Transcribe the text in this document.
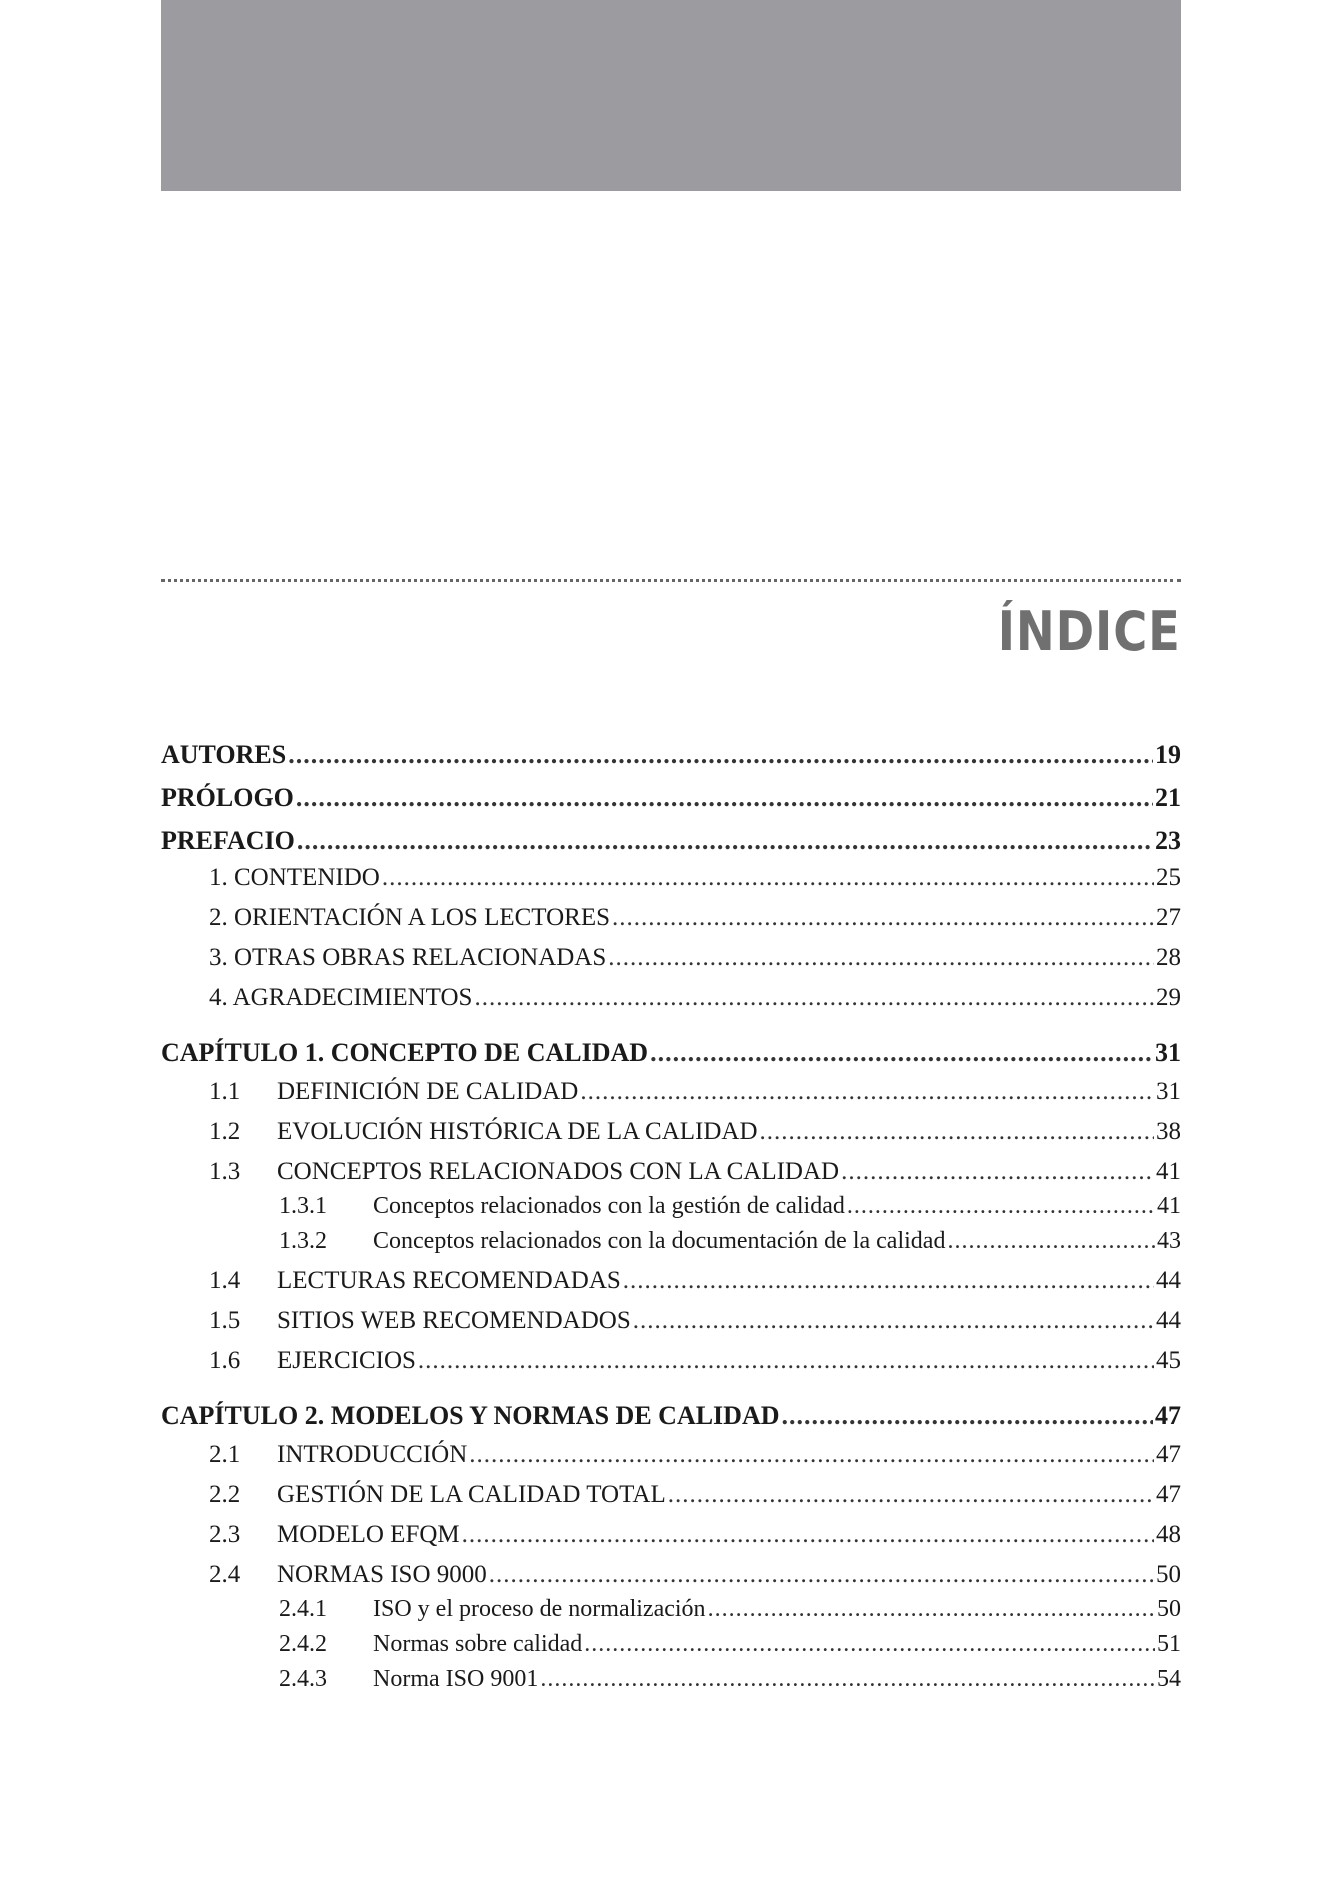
ÍNDICE
AUTORES .....	19
PRÓLOGO .....	21
PREFACIO .....	23
1. CONTENIDO .....	25
2. ORIENTACIÓN A LOS LECTORES .....	27
3. OTRAS OBRAS RELACIONADAS .....	28
4. AGRADECIMIENTOS .....	29
CAPÍTULO 1. CONCEPTO DE CALIDAD .....	31
1.1	DEFINICIÓN DE CALIDAD .....	31
1.2	EVOLUCIÓN HISTÓRICA DE LA CALIDAD .....	38
1.3	CONCEPTOS RELACIONADOS CON LA CALIDAD .....	41
1.3.1	Conceptos relacionados con la gestión de calidad .....	41
1.3.2	Conceptos relacionados con la documentación de la calidad .....	43
1.4	LECTURAS RECOMENDADAS .....	44
1.5	SITIOS WEB RECOMENDADOS .....	44
1.6	EJERCICIOS .....	45
CAPÍTULO 2. MODELOS Y NORMAS DE CALIDAD .....	47
2.1	INTRODUCCIÓN .....	47
2.2	GESTIÓN DE LA CALIDAD TOTAL .....	47
2.3	MODELO EFQM .....	48
2.4	NORMAS ISO 9000 .....	50
2.4.1	ISO y el proceso de normalización .....	50
2.4.2	Normas sobre calidad .....	51
2.4.3	Norma ISO 9001 .....	54
